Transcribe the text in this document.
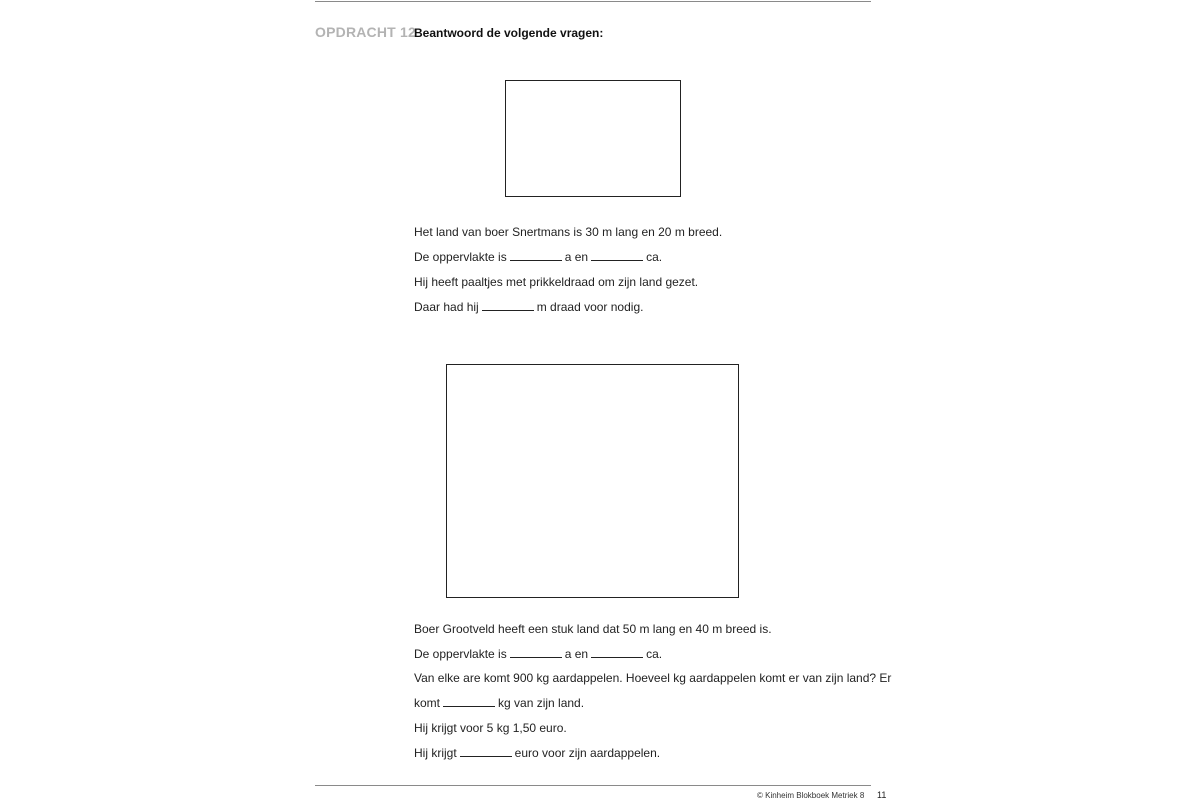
OPDRACHT 12
Beantwoord de volgende vragen:
Het land van boer Snertmans is 30 m lang en 20 m breed.
De oppervlakte is	a en	ca.
Hij heeft paaltjes met prikkeldraad om zijn land gezet.
Daar had hij	m draad voor nodig.
Boer Grootveld heeft een stuk land dat 50 m lang en 40 m breed is.
De oppervlakte is	a en	ca.
Van elke are komt 900 kg aardappelen. Hoeveel kg aardappelen komt er van zijn land? Er
komt	kg van zijn land.
Hij krijgt voor 5 kg 1,50 euro.
Hij krijgt	euro voor zijn aardappelen.
© Kinheim Blokboek Metriek 8 11
